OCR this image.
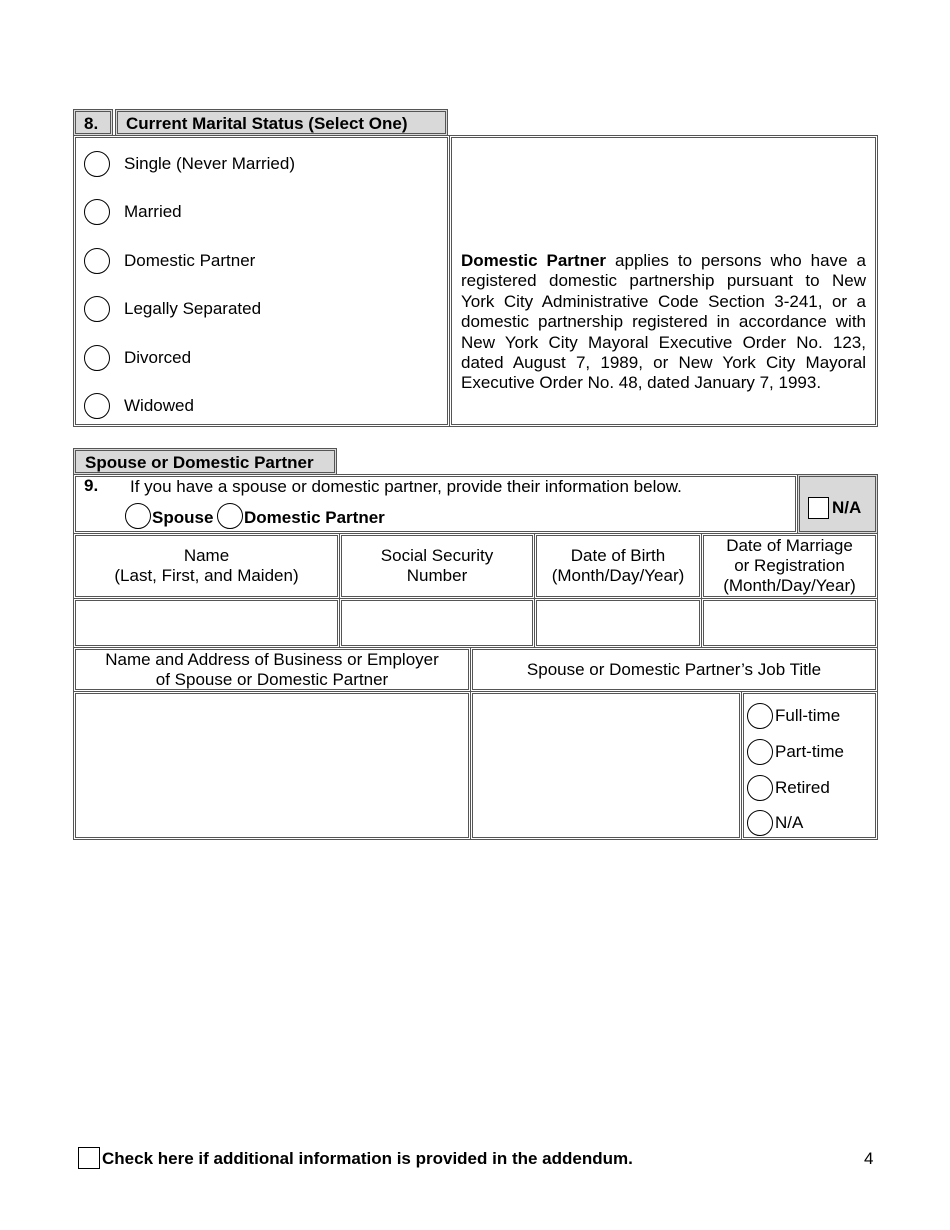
8. Current Marital Status (Select One)
Single (Never Married)
Married
Domestic Partner
Legally Separated
Divorced
Widowed
Domestic Partner applies to persons who have a
registered domestic partnership pursuant to New
York City Administrative Code Section 3-241, or a
domestic partnership registered in accordance with
New York City Mayoral Executive Order No. 123,
dated August 7, 1989, or New York City Mayoral
Executive Order No. 48, dated January 7, 1993.
Spouse or Domestic Partner
9. If you have a spouse or domestic partner, provide their information below.
Spouse Domestic Partner
N/A
Name
(Last, First, and Maiden)
Social Security
Number
Date of Birth
(Month/Day/Year)
Date of Marriage
or Registration
(Month/Day/Year)
Name and Address of Business or Employer
of Spouse or Domestic Partner
Spouse or Domestic Partner’s Job Title
Full-time
Part-time
Retired
N/A
Check here if additional information is provided in the addendum.	4
